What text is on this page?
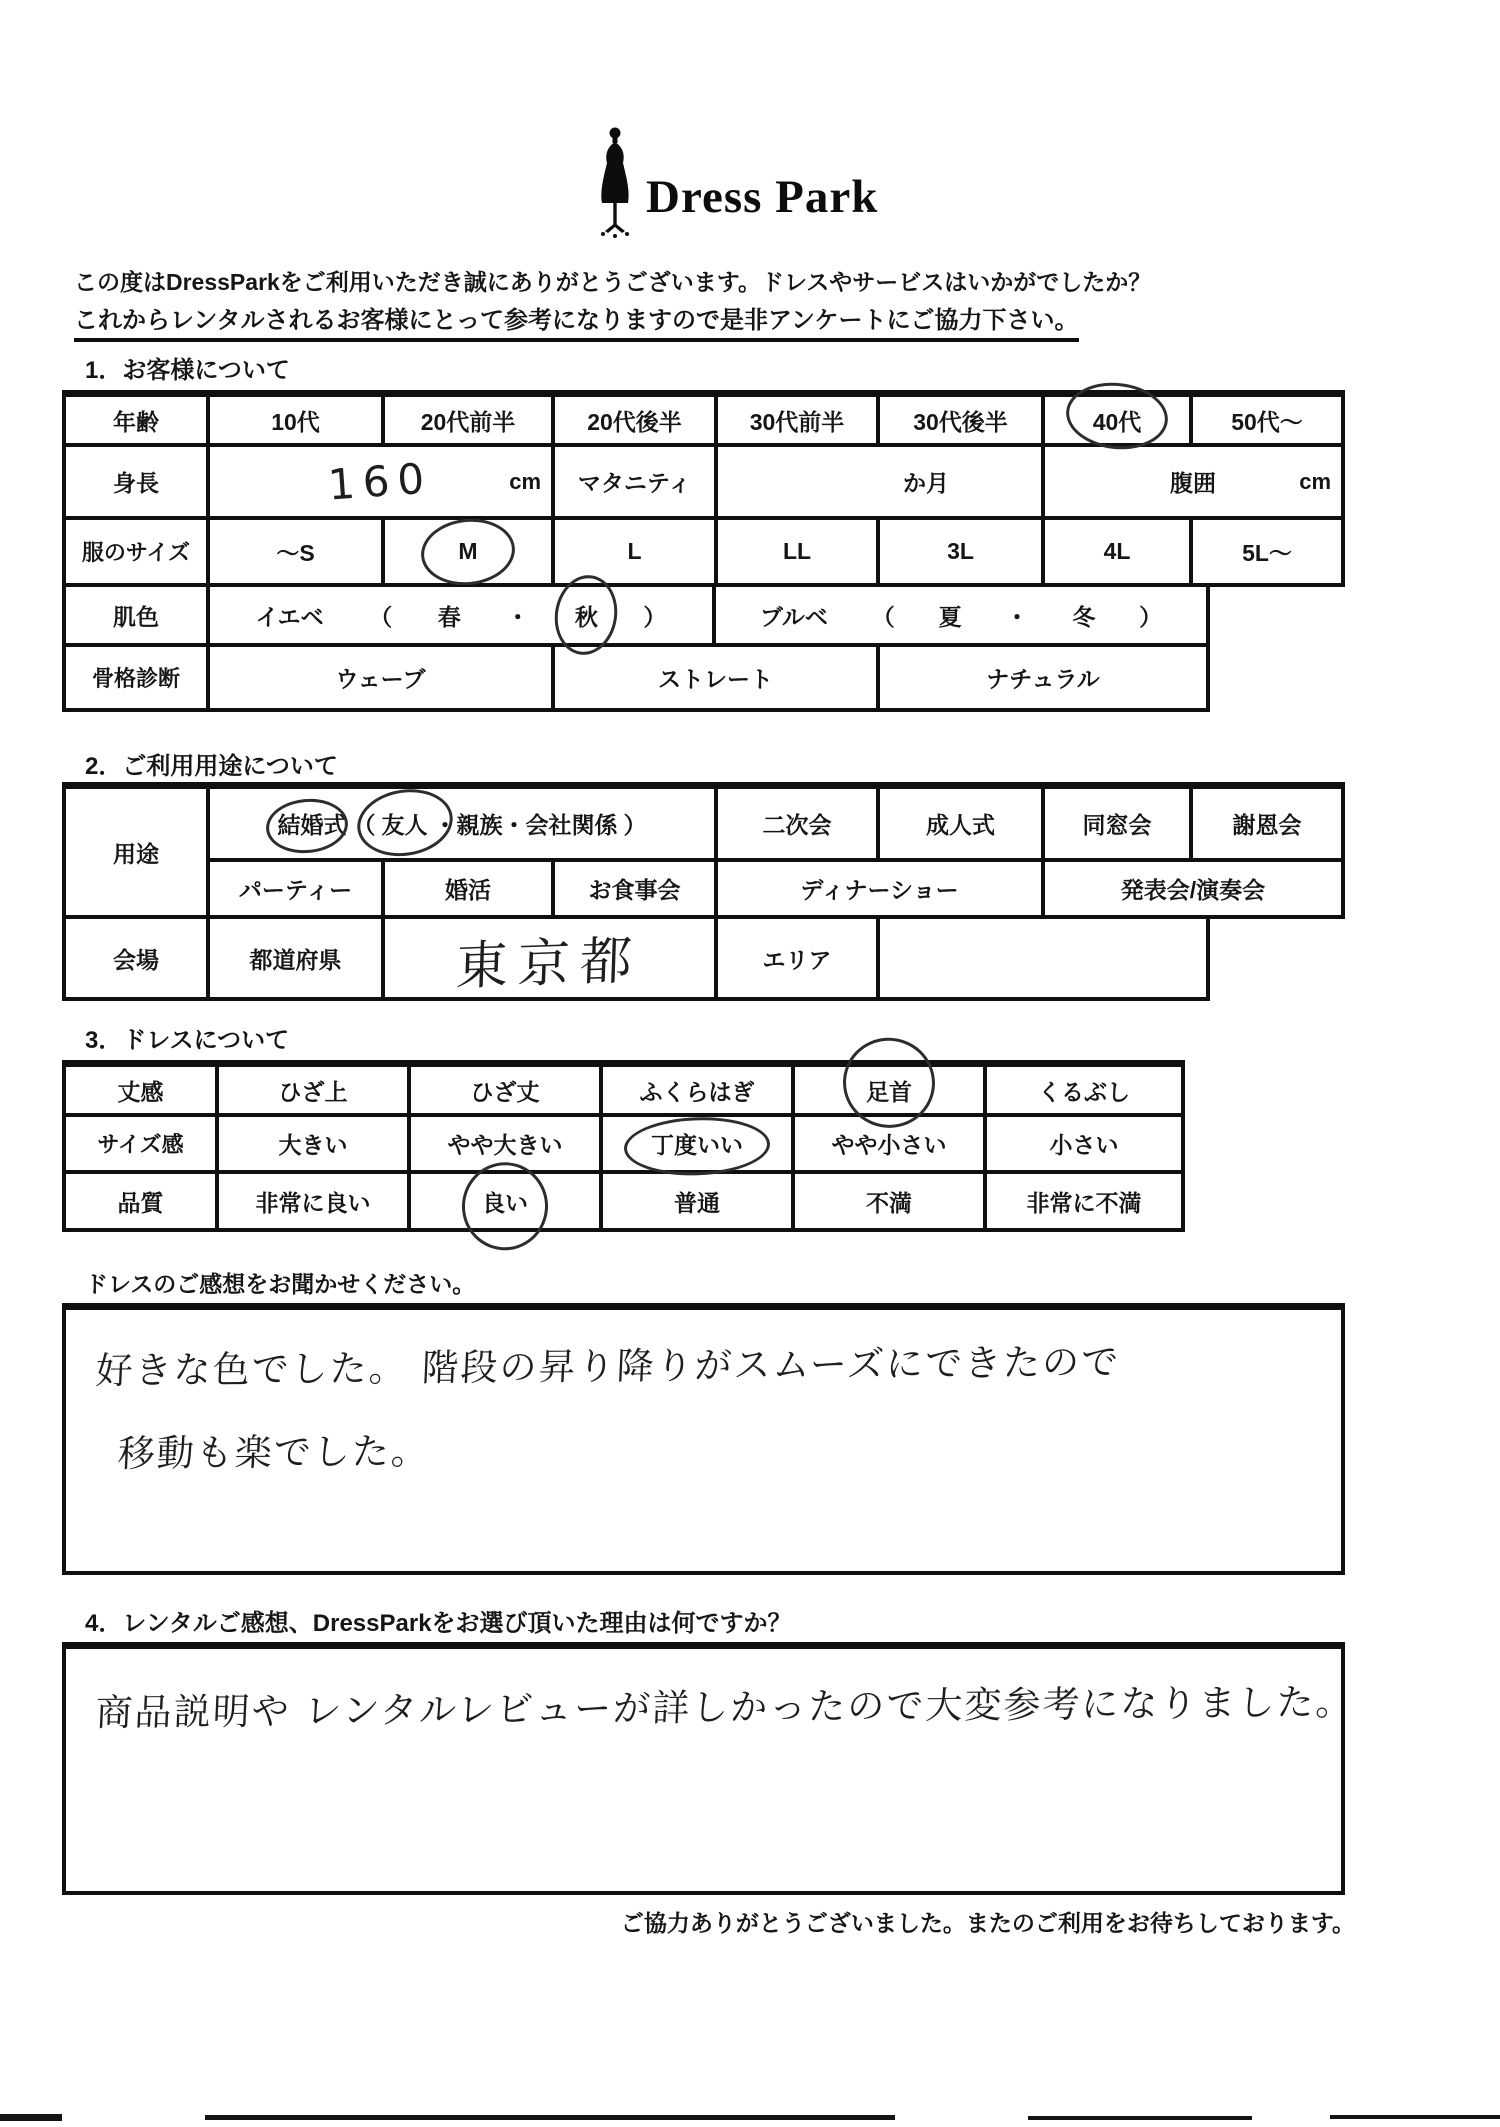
Dress Park
この度はDressParkをご利用いただき誠にありがとうございます。ドレスやサービスはいかがでしたか？
これからレンタルされるお客様にとって参考になりますので是非アンケートにご協力下さい。
1．お客様について
年齢	10代	20代前半	20代後半	30代前半	30代後半	40代	50代〜
身長	160	cm マタニティ	か月	腹囲	cm
服のサイズ	〜S	M	L	LL	3L	4L	5L〜
肌色	イエベ （ 春 ・ 秋 ）	ブルベ （ 夏 ・ 冬 ）
骨格診断	ウェーブ	ストレート	ナチュラル
2．ご利用用途について
用途
結婚式 （ 友人 ・親族・会社関係 ）	二次会	成人式	同窓会	謝恩会
パーティー	婚活	お食事会	ディナーショー	発表会/演奏会
会場	都道府県 東京都	エリア
3．ドレスについて
丈感	ひざ上	ひざ丈	ふくらはぎ	足首	くるぶし
サイズ感	大きい	やや大きい	丁度いい	やや小さい	小さい
品質	非常に良い	良い	普通	不満	非常に不満
ドレスのご感想をお聞かせください。
好きな色でした。 階段の昇り降りがスムーズにできたので
移動も楽でした。
4．レンタルご感想、DressParkをお選び頂いた理由は何ですか？
商品説明や レンタルレビューが詳しかったので大変参考になりました。
ご協力ありがとうございました。またのご利用をお待ちしております。
